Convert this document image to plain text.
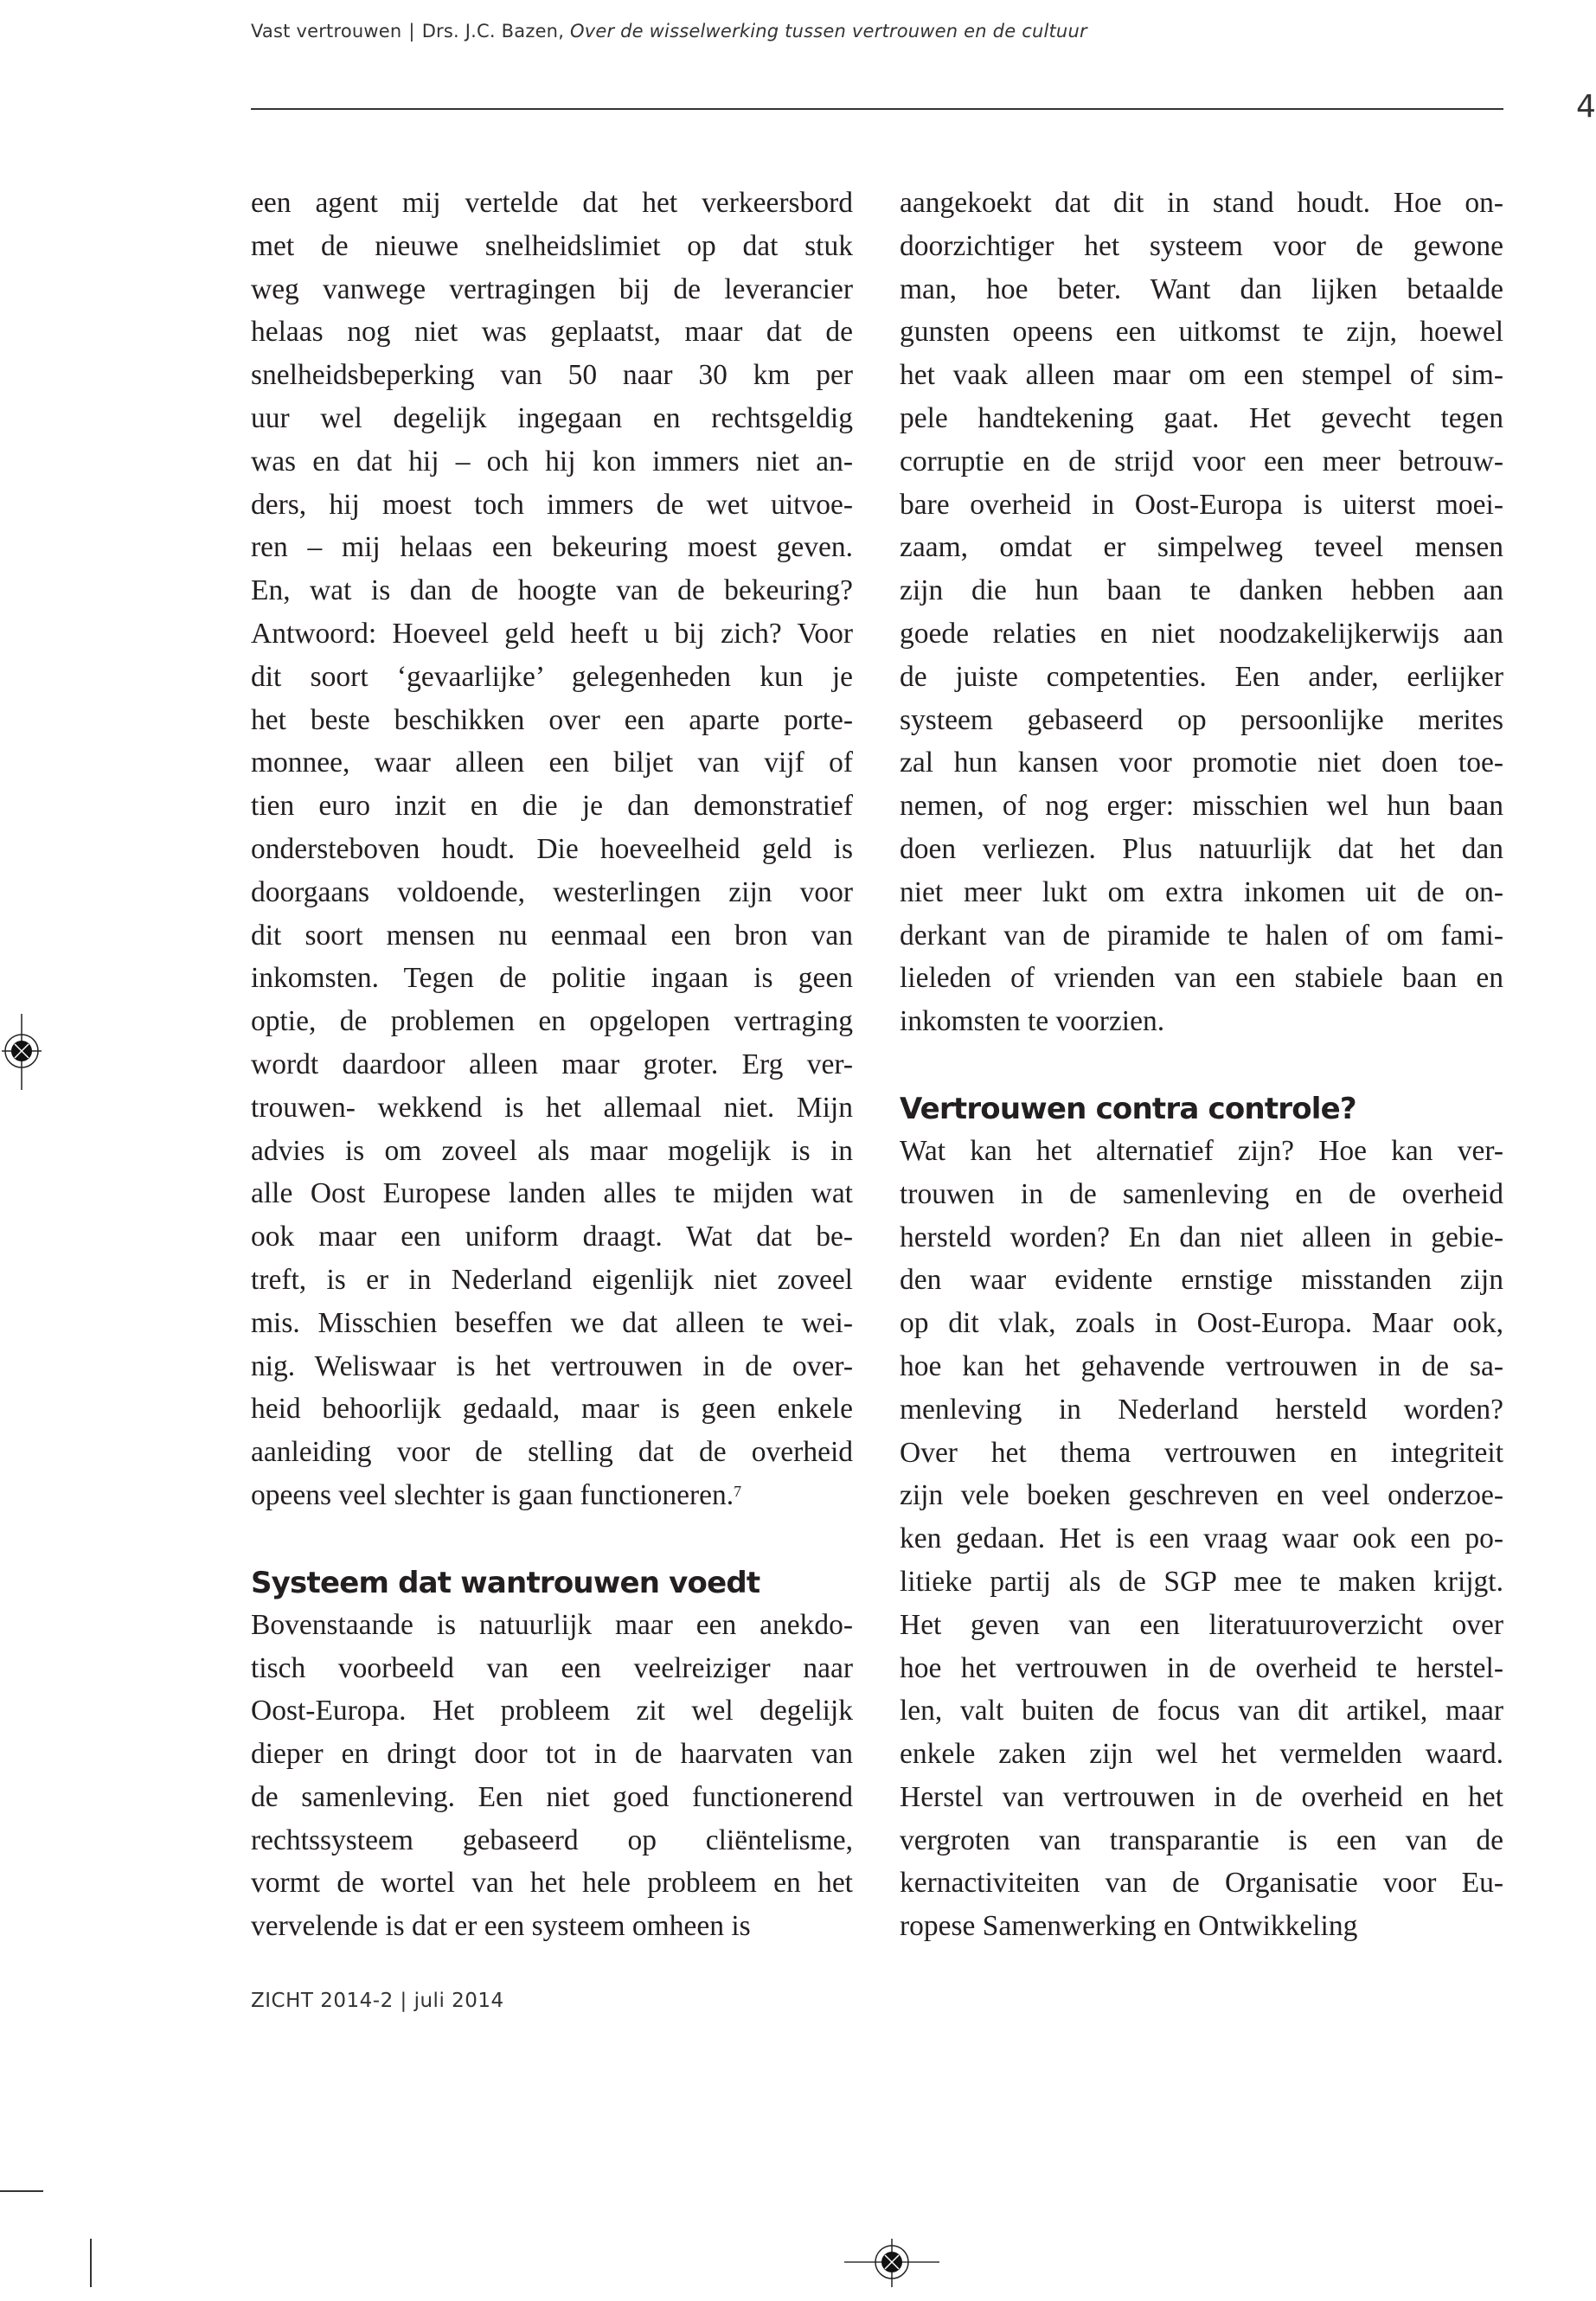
Vast vertrouwen | Drs. J.C. Bazen, Over de wisselwerking tussen vertrouwen en de cultuur
4
een agent mij vertelde dat het verkeersbord
met de nieuwe snelheidslimiet op dat stuk
weg vanwege vertragingen bij de leverancier
helaas nog niet was geplaatst, maar dat de
snelheidsbeperking van 50 naar 30 km per
uur wel degelijk ingegaan en rechtsgeldig
was en dat hij – och hij kon immers niet an-
ders, hij moest toch immers de wet uitvoe-
ren – mij helaas een bekeuring moest geven.
En, wat is dan de hoogte van de bekeuring?
Antwoord: Hoeveel geld heeft u bij zich? Voor
dit soort ‘gevaarlijke’ gelegenheden kun je
het beste beschikken over een aparte porte-
monnee, waar alleen een biljet van vijf of
tien euro inzit en die je dan demonstratief
ondersteboven houdt. Die hoeveelheid geld is
doorgaans voldoende, westerlingen zijn voor
dit soort mensen nu eenmaal een bron van
inkomsten. Tegen de politie ingaan is geen
optie, de problemen en opgelopen vertraging
wordt daardoor alleen maar groter. Erg ver-
trouwen- wekkend is het allemaal niet. Mijn
advies is om zoveel als maar mogelijk is in
alle Oost Europese landen alles te mijden wat
ook maar een uniform draagt. Wat dat be-
treft, is er in Nederland eigenlijk niet zoveel
mis. Misschien beseffen we dat alleen te wei-
nig. Weliswaar is het vertrouwen in de over-
heid behoorlijk gedaald, maar is geen enkele
aanleiding voor de stelling dat de overheid
opeens veel slechter is gaan functioneren.$^7$
Systeem dat wantrouwen voedt
Bovenstaande is natuurlijk maar een anekdo-
tisch voorbeeld van een veelreiziger naar
Oost-Europa. Het probleem zit wel degelijk
dieper en dringt door tot in de haarvaten van
de samenleving. Een niet goed functionerend
rechtssysteem gebaseerd op cliëntelisme,
vormt de wortel van het hele probleem en het
vervelende is dat er een systeem omheen is
aangekoekt dat dit in stand houdt. Hoe on-
doorzichtiger het systeem voor de gewone
man, hoe beter. Want dan lijken betaalde
gunsten opeens een uitkomst te zijn, hoewel
het vaak alleen maar om een stempel of sim-
pele handtekening gaat. Het gevecht tegen
corruptie en de strijd voor een meer betrouw-
bare overheid in Oost-Europa is uiterst moei-
zaam, omdat er simpelweg teveel mensen
zijn die hun baan te danken hebben aan
goede relaties en niet noodzakelijkerwijs aan
de juiste competenties. Een ander, eerlijker
systeem gebaseerd op persoonlijke merites
zal hun kansen voor promotie niet doen toe-
nemen, of nog erger: misschien wel hun baan
doen verliezen. Plus natuurlijk dat het dan
niet meer lukt om extra inkomen uit de on-
derkant van de piramide te halen of om fami-
lieleden of vrienden van een stabiele baan en
inkomsten te voorzien.
Vertrouwen contra controle?
Wat kan het alternatief zijn? Hoe kan ver-
trouwen in de samenleving en de overheid
hersteld worden? En dan niet alleen in gebie-
den waar evidente ernstige misstanden zijn
op dit vlak, zoals in Oost-Europa. Maar ook,
hoe kan het gehavende vertrouwen in de sa-
menleving in Nederland hersteld worden?
Over het thema vertrouwen en integriteit
zijn vele boeken geschreven en veel onderzoe-
ken gedaan. Het is een vraag waar ook een po-
litieke partij als de SGP mee te maken krijgt.
Het geven van een literatuuroverzicht over
hoe het vertrouwen in de overheid te herstel-
len, valt buiten de focus van dit artikel, maar
enkele zaken zijn wel het vermelden waard.
Herstel van vertrouwen in de overheid en het
vergroten van transparantie is een van de
kernactiviteiten van de Organisatie voor Eu-
ropese Samenwerking en Ontwikkeling
ZICHT 2014-2 | juli 2014
